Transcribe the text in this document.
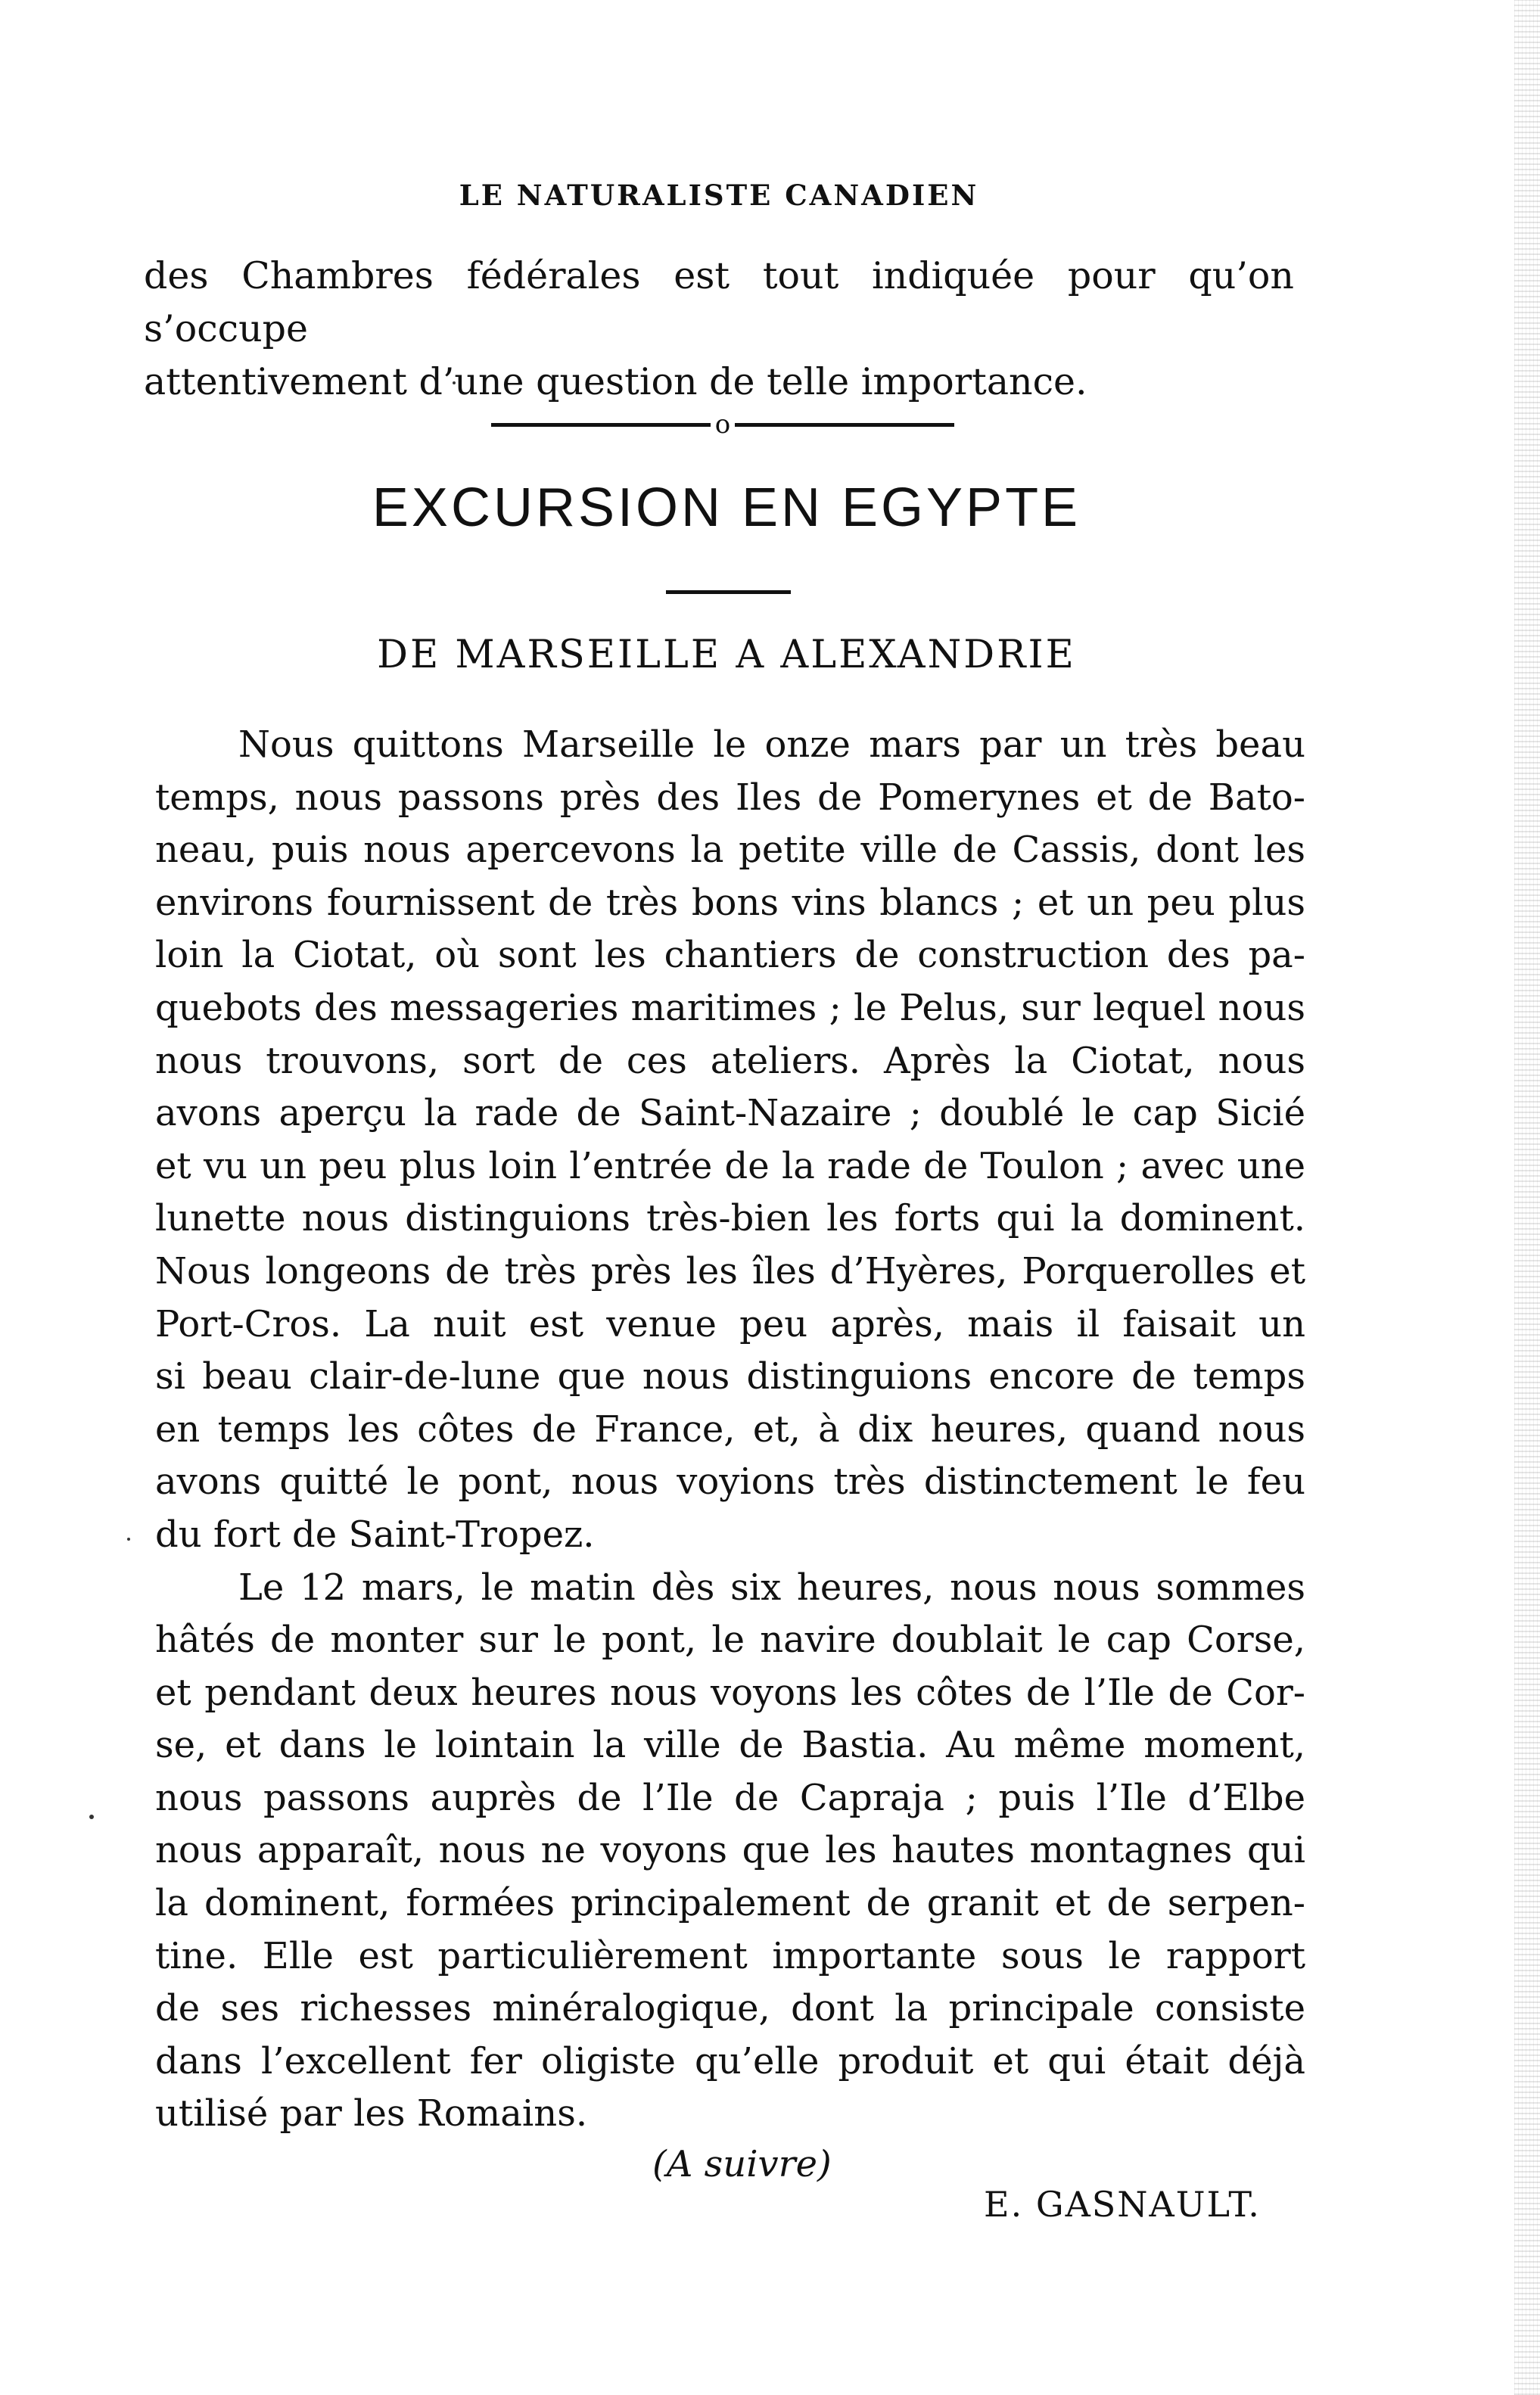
LE NATURALISTE CANADIEN
des Chambres fédérales est tout indiquée pour qu’on s’occupe
attentivement d’une question de telle importance.
o
EXCURSION EN EGYPTE
DE MARSEILLE A ALEXANDRIE
Nous quittons Marseille le onze mars par un très beau
temps, nous passons près des Iles de Pomerynes et de Bato-
neau, puis nous apercevons la petite ville de Cassis, dont les
environs fournissent de très bons vins blancs ; et un peu plus
loin la Ciotat, où sont les chantiers de construction des pa-
quebots des messageries maritimes ; le Pelus, sur lequel nous
nous trouvons, sort de ces ateliers. Après la Ciotat, nous
avons aperçu la rade de Saint-Nazaire ; doublé le cap Sicié
et vu un peu plus loin l’entrée de la rade de Toulon ; avec une
lunette nous distinguions très-bien les forts qui la dominent.
Nous longeons de très près les îles d’Hyères, Porquerolles et
Port-Cros. La nuit est venue peu après, mais il faisait un
si beau clair-de-lune que nous distinguions encore de temps
en temps les côtes de France, et, à dix heures, quand nous
avons quitté le pont, nous voyions très distinctement le feu
du fort de Saint-Tropez.
Le 12 mars, le matin dès six heures, nous nous sommes
hâtés de monter sur le pont, le navire doublait le cap Corse,
et pendant deux heures nous voyons les côtes de l’Ile de Cor-
se, et dans le lointain la ville de Bastia. Au même moment,
nous passons auprès de l’Ile de Capraja ; puis l’Ile d’Elbe
nous apparaît, nous ne voyons que les hautes montagnes qui
la dominent, formées principalement de granit et de serpen-
tine. Elle est particulièrement importante sous le rapport
de ses richesses minéralogique, dont la principale consiste
dans l’excellent fer oligiste qu’elle produit et qui était déjà
utilisé par les Romains.
(A suivre)
E. GASNAULT.
